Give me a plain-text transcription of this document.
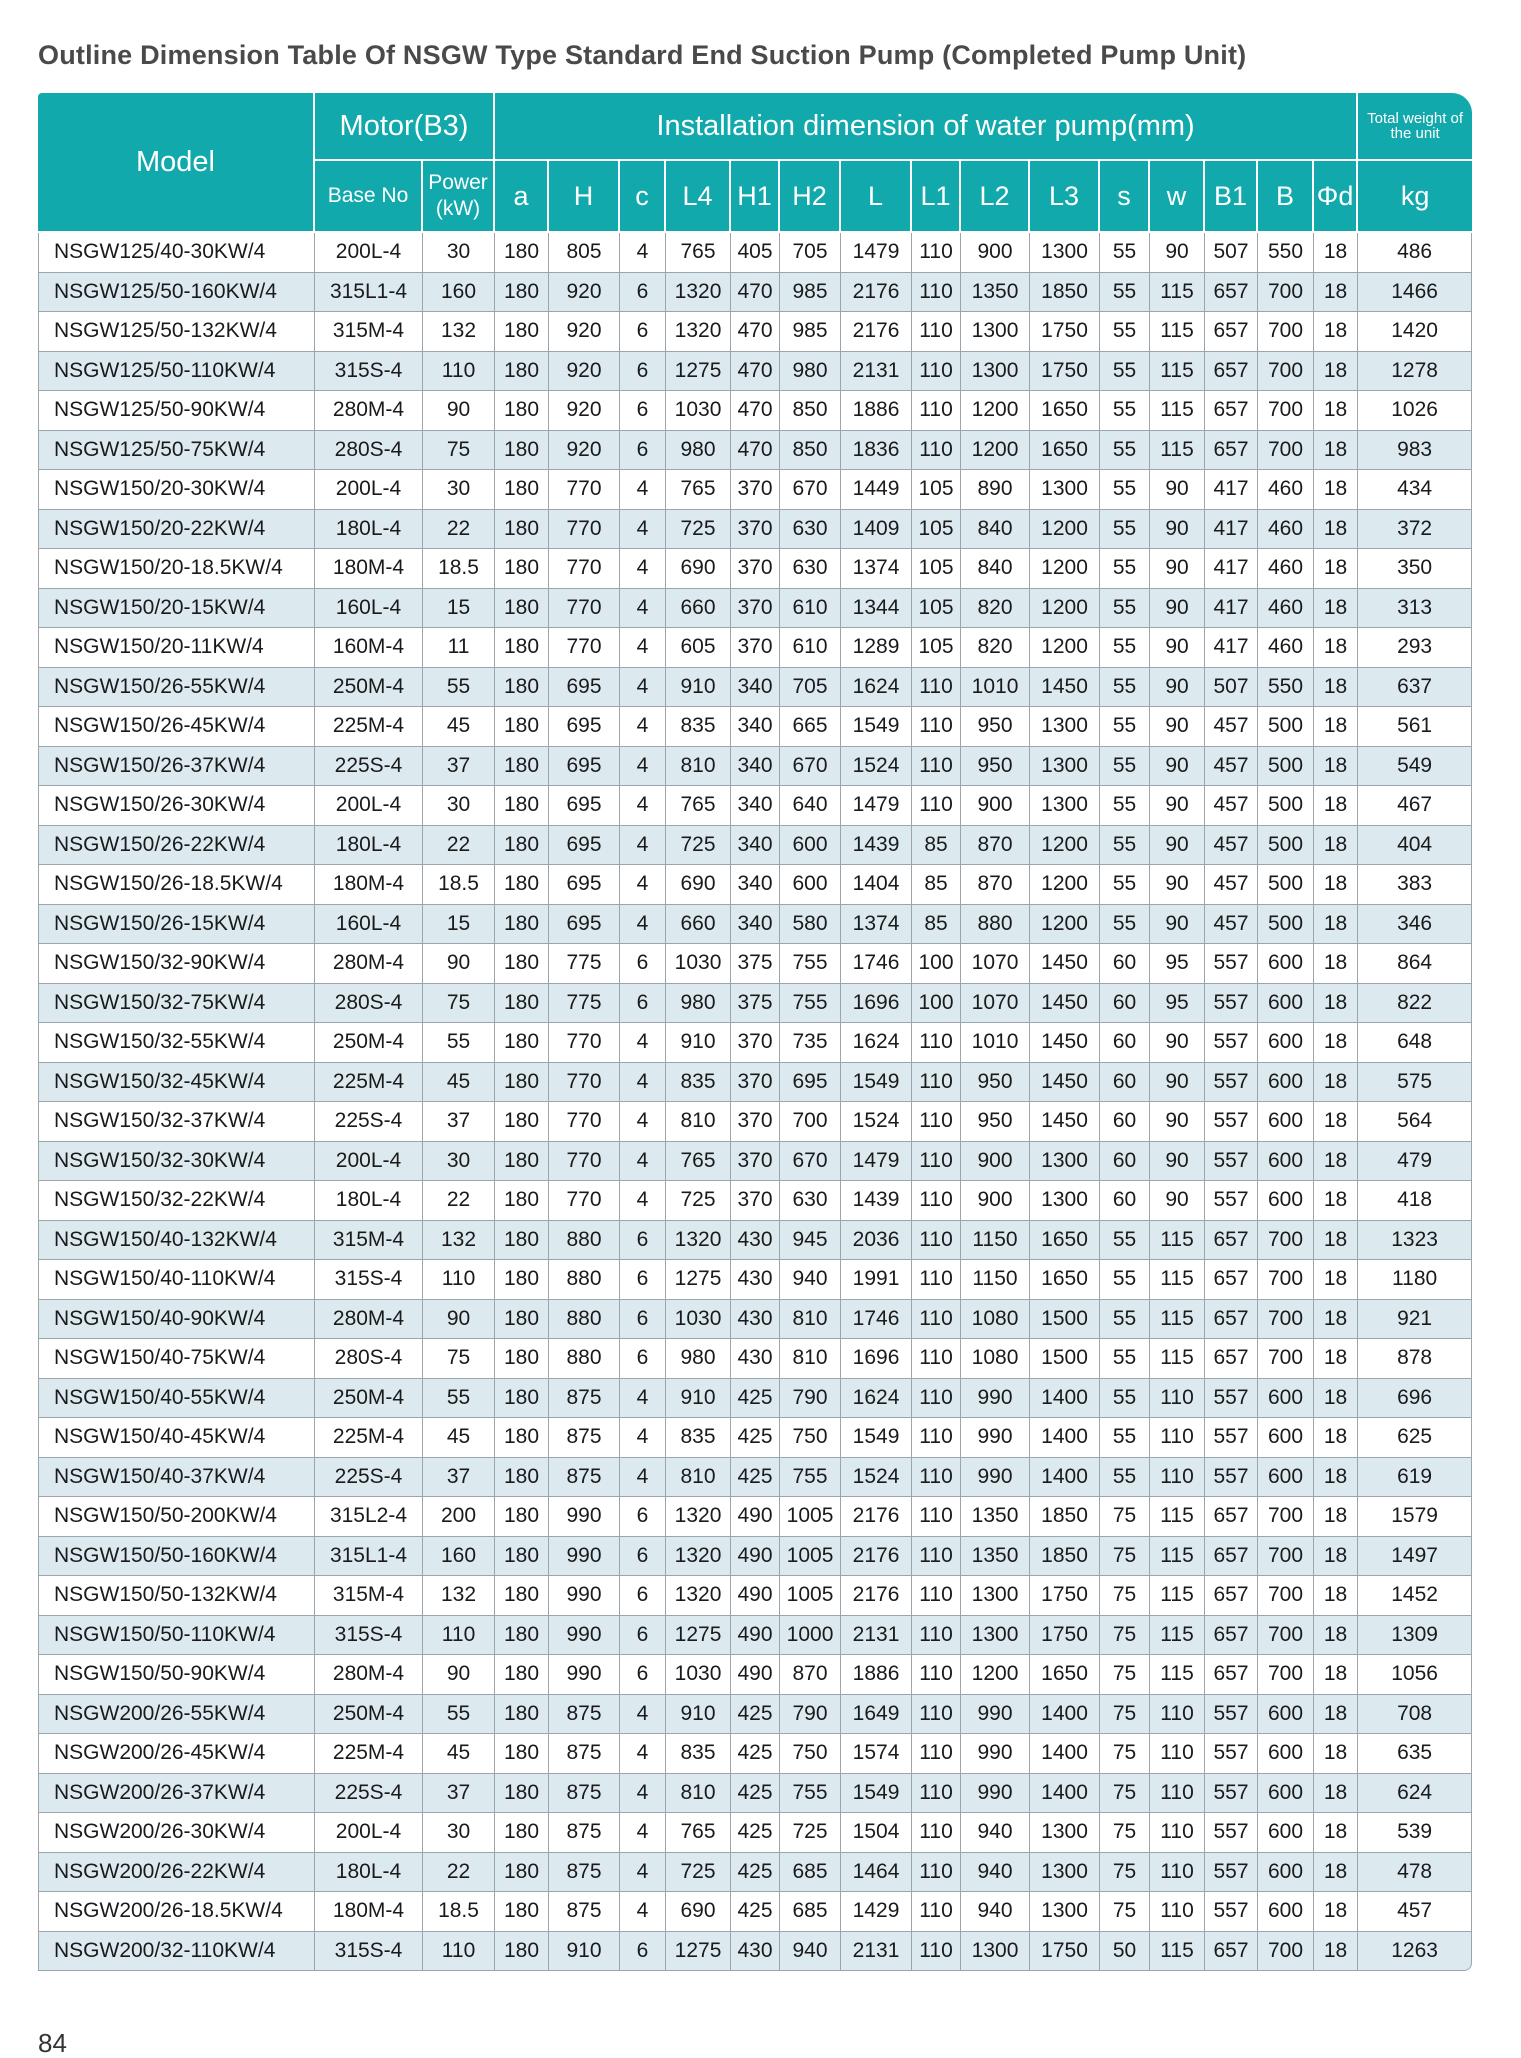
Outline Dimension Table Of NSGW Type Standard End Suction Pump (Completed Pump Unit)
Model	Motor(B3)		Installation dimension of water pump(mm)															Total weight of the unit
	Base No	Power (kW)	a	H	c	L4	H1	H2	L	L1	L2	L3	s	w	B1	B	Φd	kg
NSGW125/40-30KW/4	200L-4	30	180	805	4	765	405	705	1479	110	900	1300	55	90	507	550	18	486
NSGW125/50-160KW/4	315L1-4	160	180	920	6	1320	470	985	2176	110	1350	1850	55	115	657	700	18	1466
NSGW125/50-132KW/4	315M-4	132	180	920	6	1320	470	985	2176	110	1300	1750	55	115	657	700	18	1420
NSGW125/50-110KW/4	315S-4	110	180	920	6	1275	470	980	2131	110	1300	1750	55	115	657	700	18	1278
NSGW125/50-90KW/4	280M-4	90	180	920	6	1030	470	850	1886	110	1200	1650	55	115	657	700	18	1026
NSGW125/50-75KW/4	280S-4	75	180	920	6	980	470	850	1836	110	1200	1650	55	115	657	700	18	983
NSGW150/20-30KW/4	200L-4	30	180	770	4	765	370	670	1449	105	890	1300	55	90	417	460	18	434
NSGW150/20-22KW/4	180L-4	22	180	770	4	725	370	630	1409	105	840	1200	55	90	417	460	18	372
NSGW150/20-18.5KW/4	180M-4	18.5	180	770	4	690	370	630	1374	105	840	1200	55	90	417	460	18	350
NSGW150/20-15KW/4	160L-4	15	180	770	4	660	370	610	1344	105	820	1200	55	90	417	460	18	313
NSGW150/20-11KW/4	160M-4	11	180	770	4	605	370	610	1289	105	820	1200	55	90	417	460	18	293
NSGW150/26-55KW/4	250M-4	55	180	695	4	910	340	705	1624	110	1010	1450	55	90	507	550	18	637
NSGW150/26-45KW/4	225M-4	45	180	695	4	835	340	665	1549	110	950	1300	55	90	457	500	18	561
NSGW150/26-37KW/4	225S-4	37	180	695	4	810	340	670	1524	110	950	1300	55	90	457	500	18	549
NSGW150/26-30KW/4	200L-4	30	180	695	4	765	340	640	1479	110	900	1300	55	90	457	500	18	467
NSGW150/26-22KW/4	180L-4	22	180	695	4	725	340	600	1439	85	870	1200	55	90	457	500	18	404
NSGW150/26-18.5KW/4	180M-4	18.5	180	695	4	690	340	600	1404	85	870	1200	55	90	457	500	18	383
NSGW150/26-15KW/4	160L-4	15	180	695	4	660	340	580	1374	85	880	1200	55	90	457	500	18	346
NSGW150/32-90KW/4	280M-4	90	180	775	6	1030	375	755	1746	100	1070	1450	60	95	557	600	18	864
NSGW150/32-75KW/4	280S-4	75	180	775	6	980	375	755	1696	100	1070	1450	60	95	557	600	18	822
NSGW150/32-55KW/4	250M-4	55	180	770	4	910	370	735	1624	110	1010	1450	60	90	557	600	18	648
NSGW150/32-45KW/4	225M-4	45	180	770	4	835	370	695	1549	110	950	1450	60	90	557	600	18	575
NSGW150/32-37KW/4	225S-4	37	180	770	4	810	370	700	1524	110	950	1450	60	90	557	600	18	564
NSGW150/32-30KW/4	200L-4	30	180	770	4	765	370	670	1479	110	900	1300	60	90	557	600	18	479
NSGW150/32-22KW/4	180L-4	22	180	770	4	725	370	630	1439	110	900	1300	60	90	557	600	18	418
NSGW150/40-132KW/4	315M-4	132	180	880	6	1320	430	945	2036	110	1150	1650	55	115	657	700	18	1323
NSGW150/40-110KW/4	315S-4	110	180	880	6	1275	430	940	1991	110	1150	1650	55	115	657	700	18	1180
NSGW150/40-90KW/4	280M-4	90	180	880	6	1030	430	810	1746	110	1080	1500	55	115	657	700	18	921
NSGW150/40-75KW/4	280S-4	75	180	880	6	980	430	810	1696	110	1080	1500	55	115	657	700	18	878
NSGW150/40-55KW/4	250M-4	55	180	875	4	910	425	790	1624	110	990	1400	55	110	557	600	18	696
NSGW150/40-45KW/4	225M-4	45	180	875	4	835	425	750	1549	110	990	1400	55	110	557	600	18	625
NSGW150/40-37KW/4	225S-4	37	180	875	4	810	425	755	1524	110	990	1400	55	110	557	600	18	619
NSGW150/50-200KW/4	315L2-4	200	180	990	6	1320	490	1005	2176	110	1350	1850	75	115	657	700	18	1579
NSGW150/50-160KW/4	315L1-4	160	180	990	6	1320	490	1005	2176	110	1350	1850	75	115	657	700	18	1497
NSGW150/50-132KW/4	315M-4	132	180	990	6	1320	490	1005	2176	110	1300	1750	75	115	657	700	18	1452
NSGW150/50-110KW/4	315S-4	110	180	990	6	1275	490	1000	2131	110	1300	1750	75	115	657	700	18	1309
NSGW150/50-90KW/4	280M-4	90	180	990	6	1030	490	870	1886	110	1200	1650	75	115	657	700	18	1056
NSGW200/26-55KW/4	250M-4	55	180	875	4	910	425	790	1649	110	990	1400	75	110	557	600	18	708
NSGW200/26-45KW/4	225M-4	45	180	875	4	835	425	750	1574	110	990	1400	75	110	557	600	18	635
NSGW200/26-37KW/4	225S-4	37	180	875	4	810	425	755	1549	110	990	1400	75	110	557	600	18	624
NSGW200/26-30KW/4	200L-4	30	180	875	4	765	425	725	1504	110	940	1300	75	110	557	600	18	539
NSGW200/26-22KW/4	180L-4	22	180	875	4	725	425	685	1464	110	940	1300	75	110	557	600	18	478
NSGW200/26-18.5KW/4	180M-4	18.5	180	875	4	690	425	685	1429	110	940	1300	75	110	557	600	18	457
NSGW200/32-110KW/4	315S-4	110	180	910	6	1275	430	940	2131	110	1300	1750	50	115	657	700	18	1263
84
